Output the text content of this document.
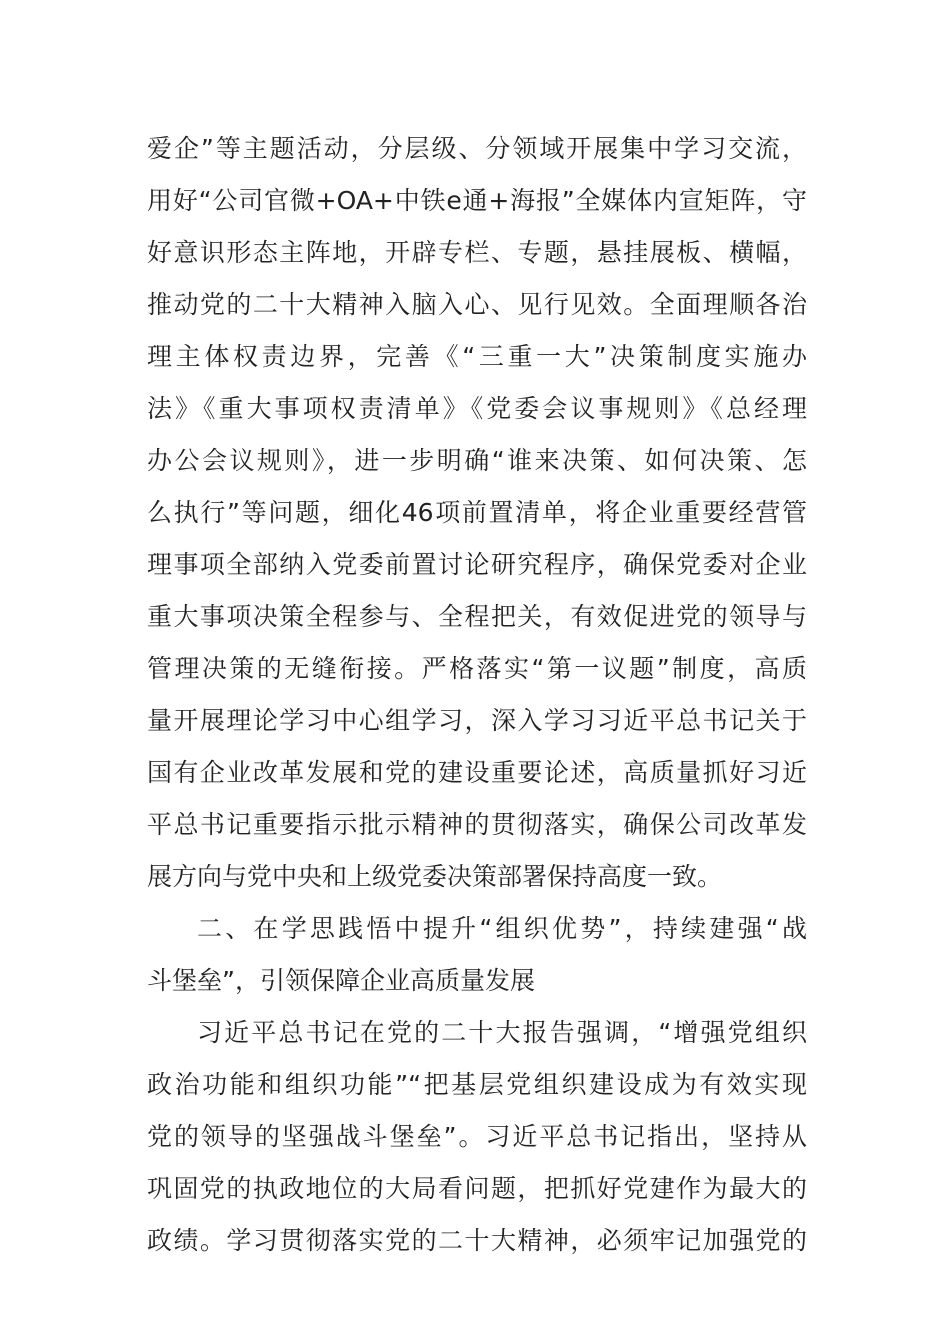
爱企”等主题活动，分层级、分领域开展集中学习交流，
用好“公司官微+OA+中铁e通+海报”全媒体内宣矩阵，守
好意识形态主阵地，开辟专栏、专题，悬挂展板、横幅，
推动党的二十大精神入脑入心、见行见效。全面理顺各治
理主体权责边界，完善《“三重一大”决策制度实施办
法》《重大事项权责清单》《党委会议事规则》《总经理
办公会议规则》，进一步明确“谁来决策、如何决策、怎
么执行”等问题，细化46项前置清单，将企业重要经营管
理事项全部纳入党委前置讨论研究程序，确保党委对企业
重大事项决策全程参与、全程把关，有效促进党的领导与
管理决策的无缝衔接。严格落实“第一议题”制度，高质
量开展理论学习中心组学习，深入学习习近平总书记关于
国有企业改革发展和党的建设重要论述，高质量抓好习近
平总书记重要指示批示精神的贯彻落实，确保公司改革发
展方向与党中央和上级党委决策部署保持高度一致。
二、在学思践悟中提升“组织优势”，持续建强“战
斗堡垒”，引领保障企业高质量发展
习近平总书记在党的二十大报告强调，“增强党组织
政治功能和组织功能”“把基层党组织建设成为有效实现
党的领导的坚强战斗堡垒”。习近平总书记指出，坚持从
巩固党的执政地位的大局看问题，把抓好党建作为最大的
政绩。学习贯彻落实党的二十大精神，必须牢记加强党的
